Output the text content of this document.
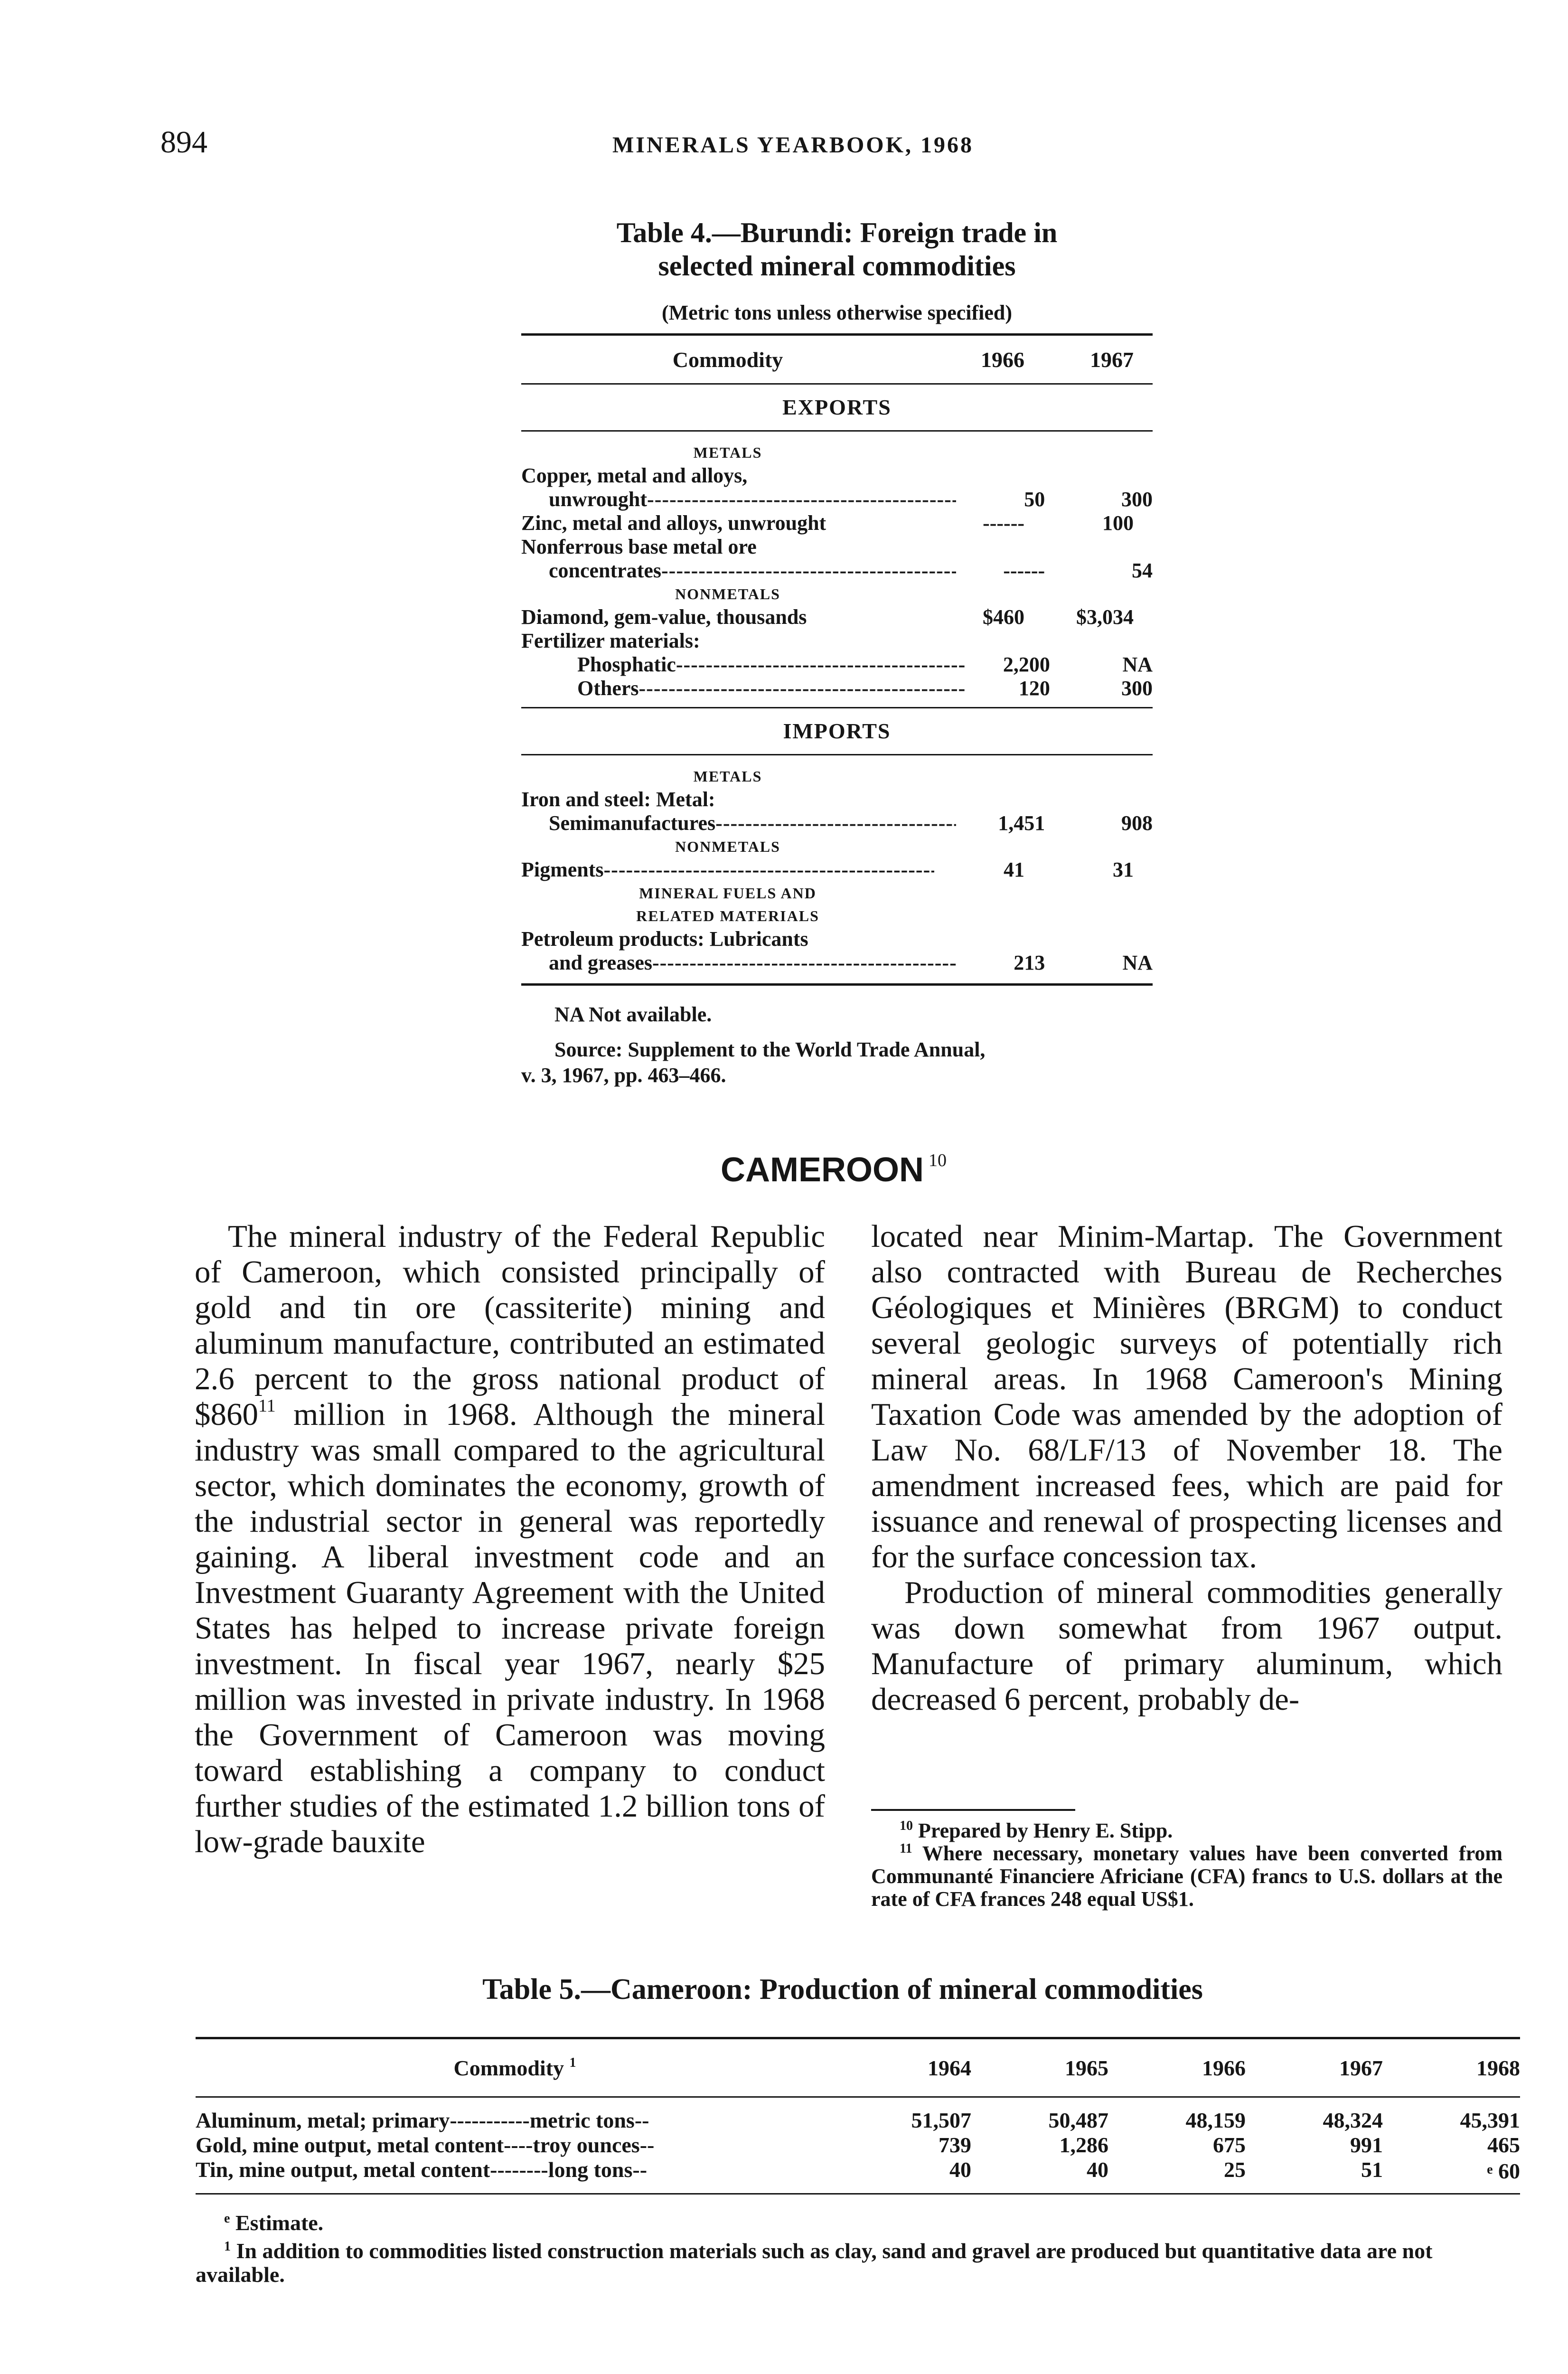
894	MINERALS YEARBOOK, 1968
Table 4.—Burundi: Foreign trade in
selected mineral commodities
(Metric tons unless otherwise specified)
Commodity	1966	1967
EXPORTS
METALS
Copper, metal and alloys,
unwrought -----	50	300
Zinc, metal and alloys, unwrought	------	100
Nonferrous base metal ore
concentrates -----	------	54
NONMETALS
Diamond, gem-value, thousands	$460	$3,034
Fertilizer materials:
Phosphatic -----	2,200	NA
Others -----	120	300
IMPORTS
METALS
Iron and steel: Metal:
Semimanufactures -----	1,451	908
NONMETALS
Pigments -----	41	31
MINERAL FUELS AND
RELATED MATERIALS
Petroleum products: Lubricants
and greases -----	213	NA
NA Not available.
Source: Supplement to the World Trade Annual,
v. 3, 1967, pp. 463–466.
CAMEROON $^{10}$

The mineral industry of the Federal Republic of Cameroon, which consisted principally of gold and tin ore (cassiterite) mining and aluminum manufacture, contributed an estimated 2.6 percent to the gross national product of $\$860^{11}$ million in 1968. Although the mineral industry was small compared to the agricultural sector, which dominates the economy, growth of the industrial sector in general was reportedly gaining. A liberal investment code and an Investment Guaranty Agreement with the United States has helped to increase private foreign investment. In fiscal year 1967, nearly $25 million was invested in private industry. In 1968 the Government of Cameroon was moving toward establishing a company to conduct further studies of the estimated 1.2 billion tons of low-grade bauxite

located near Minim-Martap. The Government also contracted with Bureau de Recherches Géologiques et Minières (BRGM) to conduct several geologic surveys of potentially rich mineral areas. In 1968 Cameroon's Mining Taxation Code was amended by the adoption of Law No. 68/LF/13 of November 18. The amendment increased fees, which are paid for issuance and renewal of prospecting licenses and for the surface concession tax.

Production of mineral commodities generally was down somewhat from 1967 output. Manufacture of primary aluminum, which decreased 6 percent, probably de-

$^{10}$ Prepared by Henry E. Stipp.

$^{11}$ Where necessary, monetary values have been converted from Communanté Financiere Africiane (CFA) francs to U.S. dollars at the rate of CFA frances 248 equal US$1.

Table 5.—Cameroon: Production of mineral commodities
Commodity $^1$	1964	1965	1966	1967	1968
Aluminum, metal; primary-----------metric tons--	51,507	50,487	48,159	48,324	45,391
Gold, mine output, metal content----troy ounces--	739	1,286	675	991	465
Tin, mine output, metal content--------long tons--	40	40	25	51	$^e$ 60
$^e$ Estimate.
$^1$ In addition to commodities listed construction materials such as clay, sand and gravel are produced but quantitative data are not available.
